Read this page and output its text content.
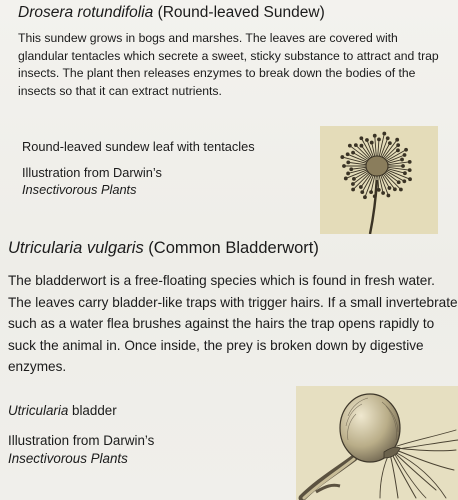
Drosera rotundifolia (Round-leaved Sundew)

This sundew grows in bogs and marshes. The leaves are covered with glandular tentacles which secrete a sweet, sticky substance to attract and trap insects. The plant then releases enzymes to break down the bodies of the insects so that it can extract nutrients.

Round-leaved sundew leaf with tentacles
Illustration from Darwin’s
Insectivorous Plants
Utricularia vulgaris (Common Bladderwort)

The bladderwort is a free-floating species which is found in fresh water. The leaves carry bladder-like traps with trigger hairs. If a small invertebrate such as a water flea brushes against the hairs the trap opens rapidly to suck the animal in. Once inside, the prey is broken down by digestive enzymes.

Utricularia bladder
Illustration from Darwin’s
Insectivorous Plants
